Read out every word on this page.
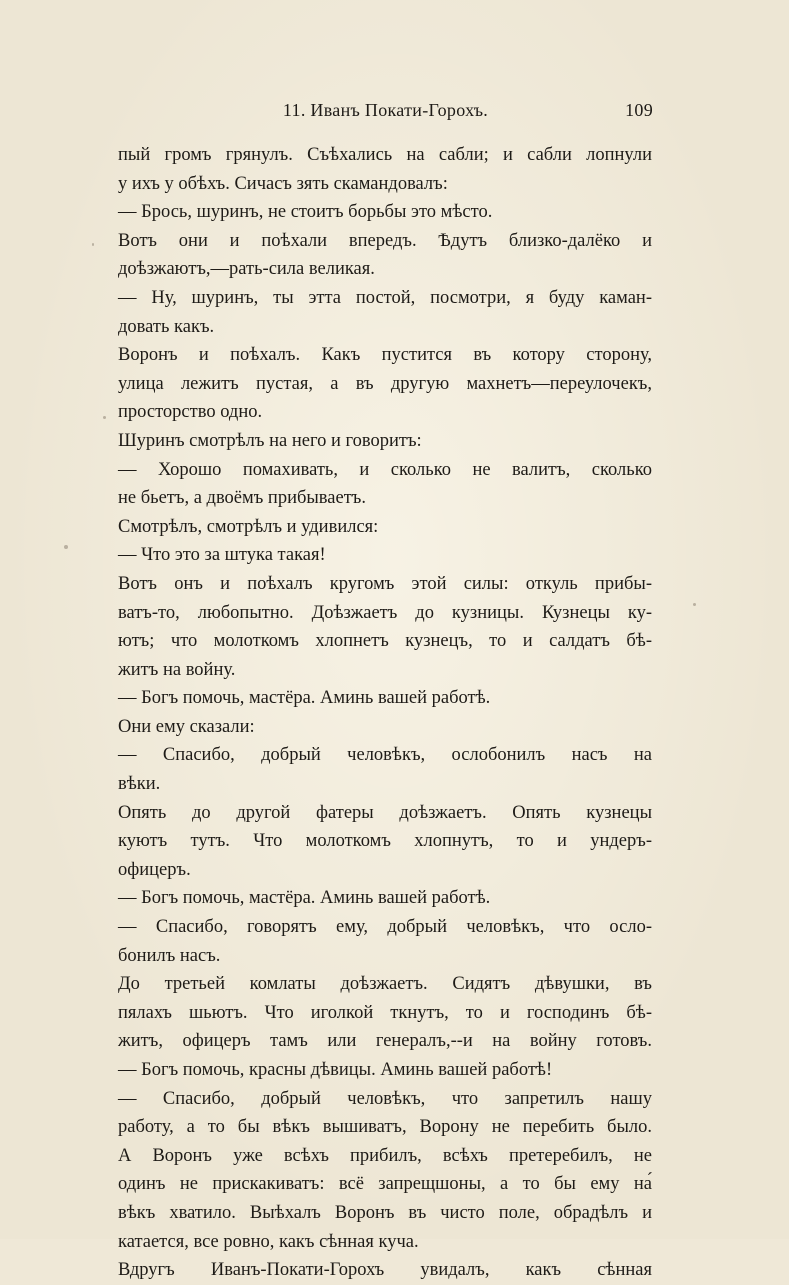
11. Иванъ Покати-Горохъ.	109
пый громъ грянулъ. Съѣхались на сабли; и сабли лопнули
у ихъ у обѣхъ. Сичасъ зять скамандовалъ:
— Брось, шуринъ, не стоитъ борьбы это мѣсто.
Вотъ они и поѣхали впередъ. Ѣдутъ близко-далёко и
доѣзжаютъ,—рать-сила великая.
— Ну, шуринъ, ты этта постой, посмотри, я буду каман-
довать какъ.
Воронъ и поѣхалъ. Какъ пустится въ котору сторону,
улица лежитъ пустая, а въ другую махнетъ—переулочекъ,
просторство одно.
Шуринъ смотрѣлъ на него и говоритъ:
— Хорошо помахивать, и сколько не валитъ, сколько
не бьетъ, а двоёмъ прибываетъ.
Смотрѣлъ, смотрѣлъ и удивился:
— Что это за штука такая!
Вотъ онъ и поѣхалъ кругомъ этой силы: откуль прибы-
ватъ-то, любопытно. Доѣзжаетъ до кузницы. Кузнецы ку-
ютъ; что молоткомъ хлопнетъ кузнецъ, то и салдатъ бѣ-
житъ на войну.
— Богъ помочь, мастёра. Аминь вашей работѣ.
Они ему сказали:
— Спасибо, добрый человѣкъ, ослобонилъ насъ на
вѣки.
Опять до другой фатеры доѣзжаетъ. Опять кузнецы
куютъ тутъ. Что молоткомъ хлопнутъ, то и ундеръ-
офицеръ.
— Богъ помочь, мастёра. Аминь вашей работѣ.
— Спасибо, говорятъ ему, добрый человѣкъ, что осло-
бонилъ насъ.
До третьей комлаты доѣзжаетъ. Сидятъ дѣвушки, въ
пялахъ шьютъ. Что иголкой ткнутъ, то и господинъ бѣ-
житъ, офицеръ тамъ или генералъ,--и на войну готовъ.
— Богъ помочь, красны дѣвицы. Аминь вашей работѣ!
— Спасибо, добрый человѣкъ, что запретилъ нашу
работу, а то бы вѣкъ вышиватъ, Ворону не перебить было.
А Воронъ уже всѣхъ прибилъ, всѣхъ претеребилъ, не
одинъ не прискакиватъ: всё запрещшоны, а то бы ему на́
вѣкъ хватило. Выѣхалъ Воронъ въ чисто поле, обрадѣлъ и
катается, все ровно, какъ сѣнная куча.
Вдругъ Иванъ-Покати-Горохъ увидалъ, какъ сѣнная
